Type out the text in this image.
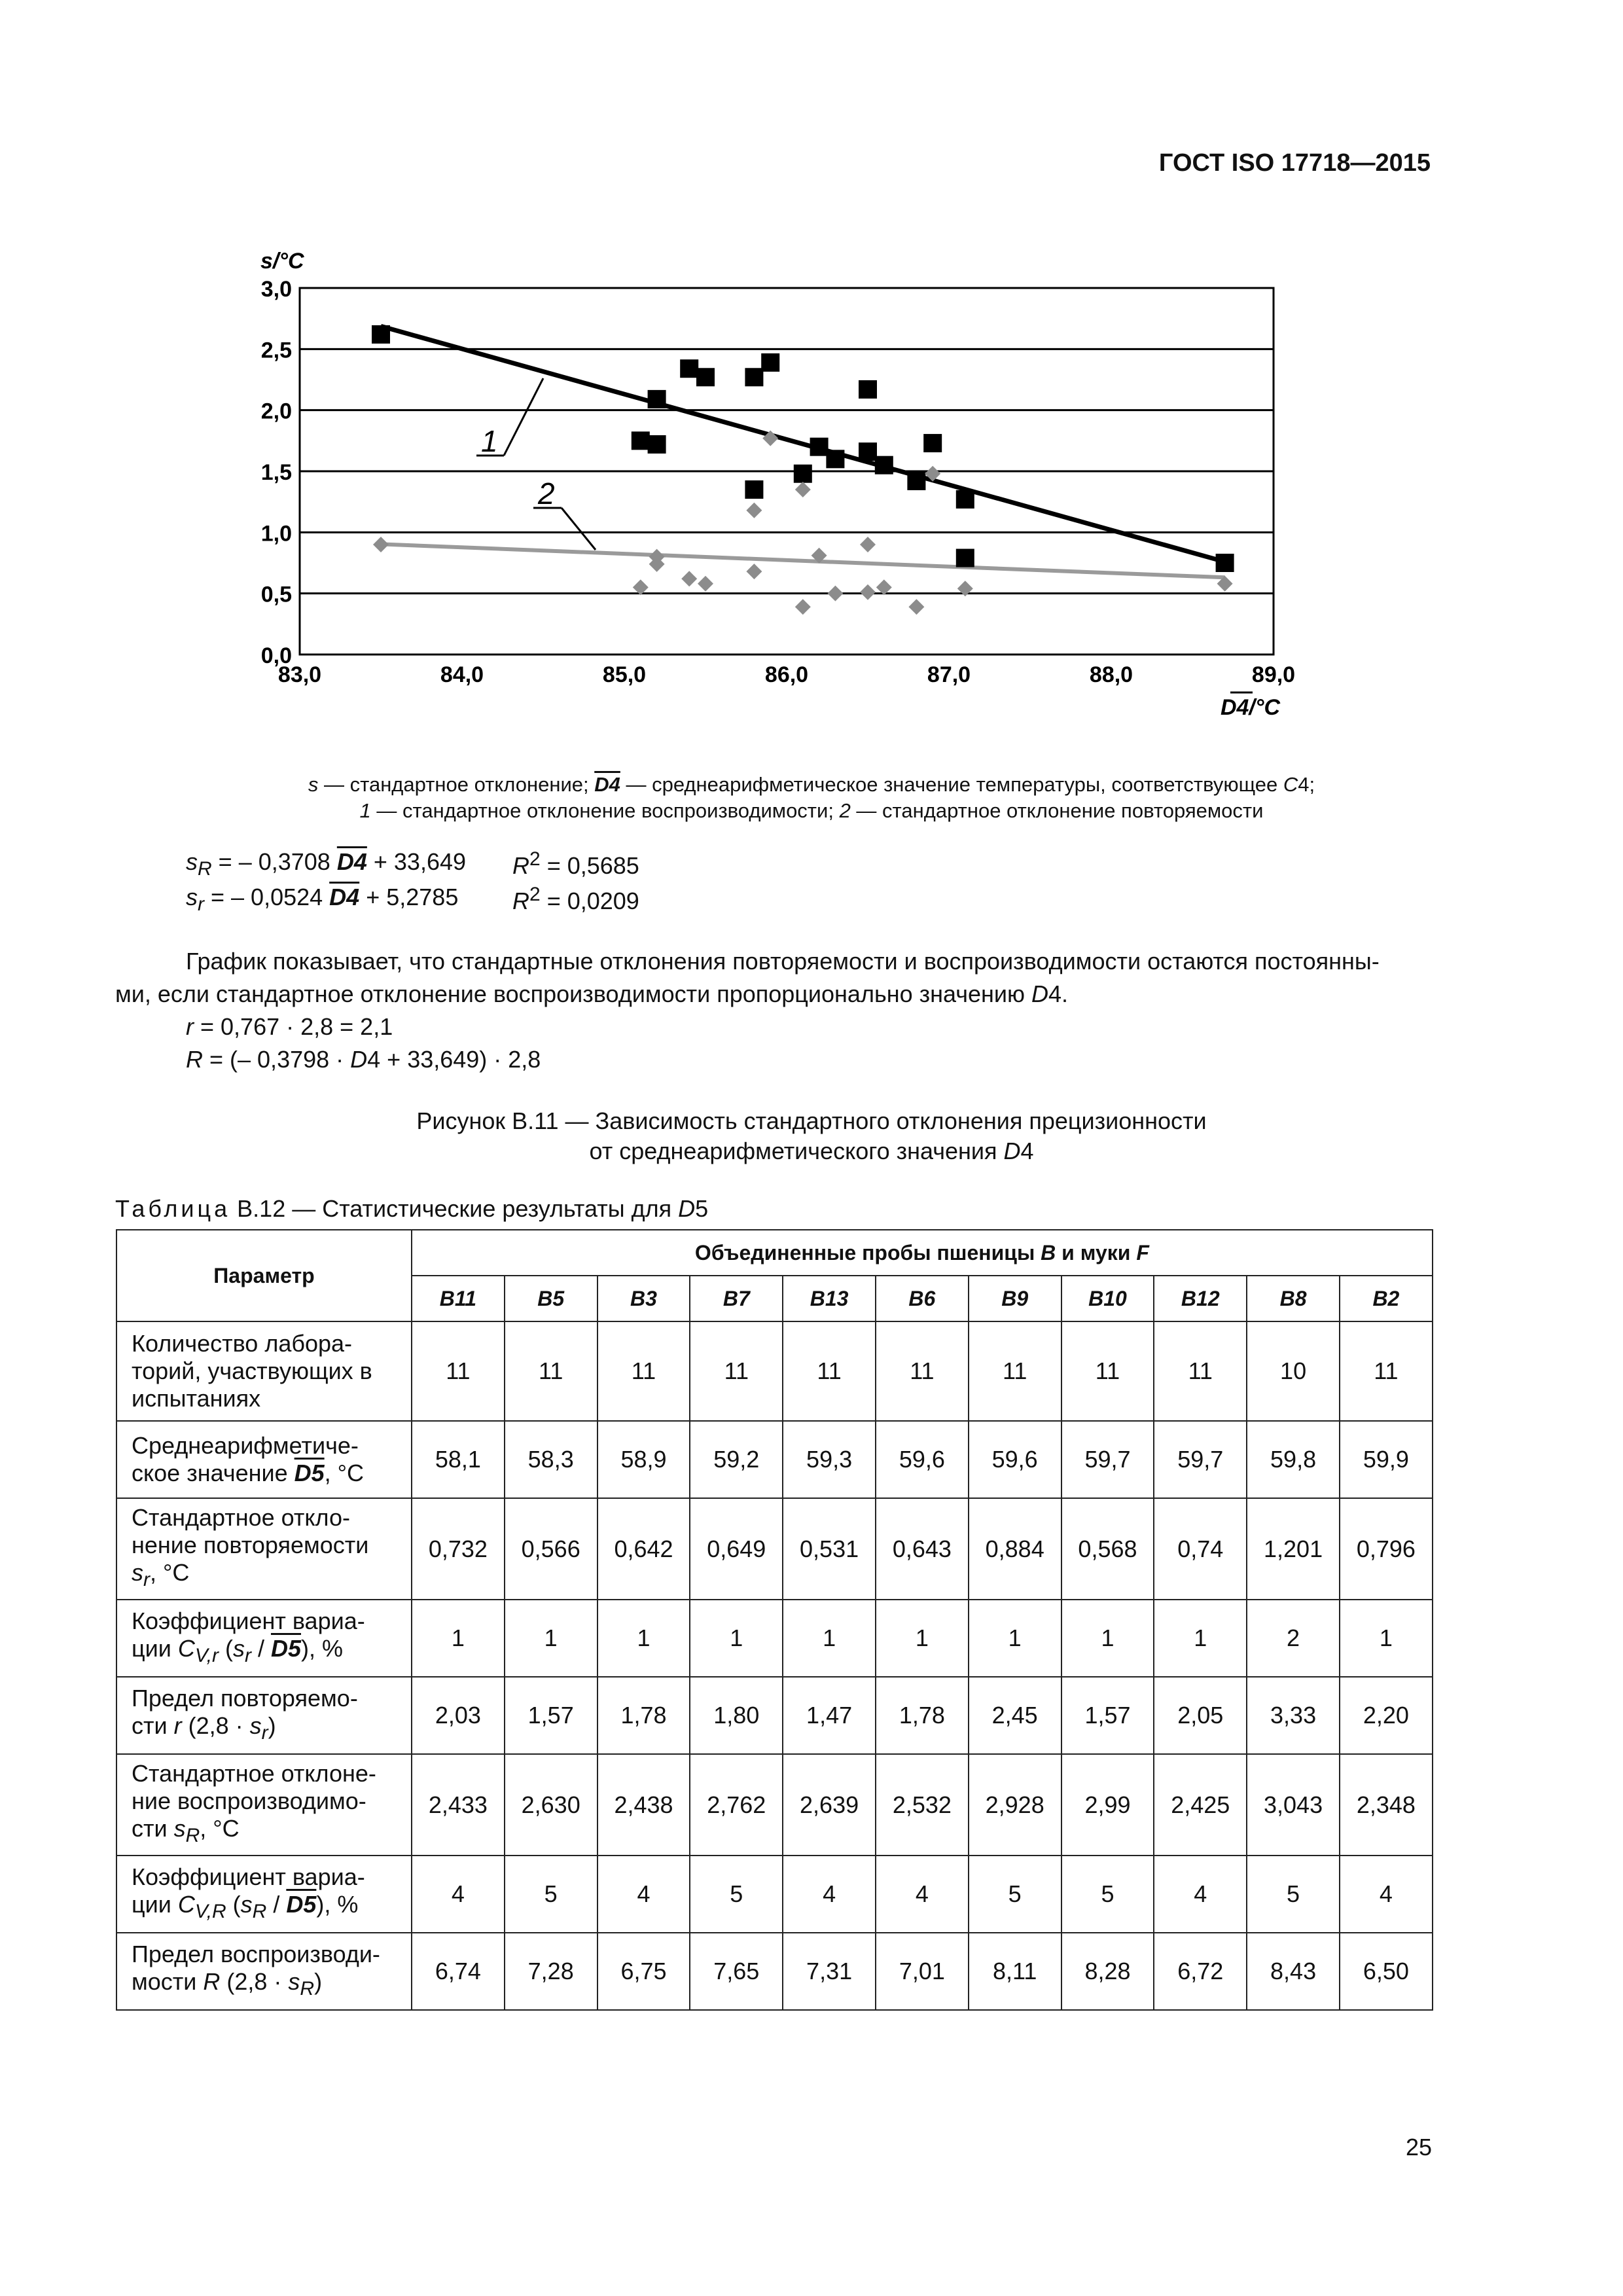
ГОСТ ISO 17718—2015
0,0
0,5
1,0
1,5
2,0
2,5
3,0
83,0	84,0	85,0	86,0	87,0	88,0	89,0
s/°C
D4/°C
1
2
s — стандартное отклонение; D4 — среднеарифметическое значение температуры, соответствующее С4;
1 — стандартное отклонение воспроизводимости; 2 — стандартное отклонение повторяемости
$s_R$ = – 0,3708 D4 + 33,649 $R^2 = 0,5685$
$s_r$ = – 0,0524 D4 + 5,2785 $R^2 = 0,0209$
График показывает, что стандартные отклонения повторяемости и воспроизводимости остаются постоянны-
ми, если стандартное отклонение воспроизводимости пропорционально значению D4.
r = 0,767 · 2,8 = 2,1
R = (– 0,3798 · D4 + 33,649) · 2,8
Рисунок В.11 — Зависимость стандартного отклонения прецизионности
от среднеарифметического значения D4
Таблица В.12 — Статистические результаты для D5
Параметр	Объединенные пробы пшеницы В и муки F										
	B11	B5	B3	B7	B13	B6	B9	B10	B12	B8	B2
Количество лабора-
торий, участвующих в
испытаниях	11	11	11	11	11	11	11	11	11	10	11
Среднеарифметиче-
ское значение D5, °С	58,1	58,3	58,9	59,2	59,3	59,6	59,6	59,7	59,7	59,8	59,9
Стандартное откло-
нение повторяемости
$s_r$, °С	0,732	0,566	0,642	0,649	0,531	0,643	0,884	0,568	0,74	1,201	0,796
Коэффициент вариа-
ции $C_{V,r}$ $(s_r / D5)$, %	1	1	1	1	1	1	1	1	1	2	1
Предел повторяемо-
сти r $(2,8 \cdot s_r)$	2,03	1,57	1,78	1,80	1,47	1,78	2,45	1,57	2,05	3,33	2,20
Стандартное отклоне-
ние воспроизводимо-
сти $s_R$, °С	2,433	2,630	2,438	2,762	2,639	2,532	2,928	2,99	2,425	3,043	2,348
Коэффициент вариа-
ции $C_{V,R}$ $(s_R / D5)$, %	4	5	4	5	4	4	5	5	4	5	4
Предел воспроизводи-
мости R $(2,8 \cdot s_R)$	6,74	7,28	6,75	7,65	7,31	7,01	8,11	8,28	6,72	8,43	6,50
25
